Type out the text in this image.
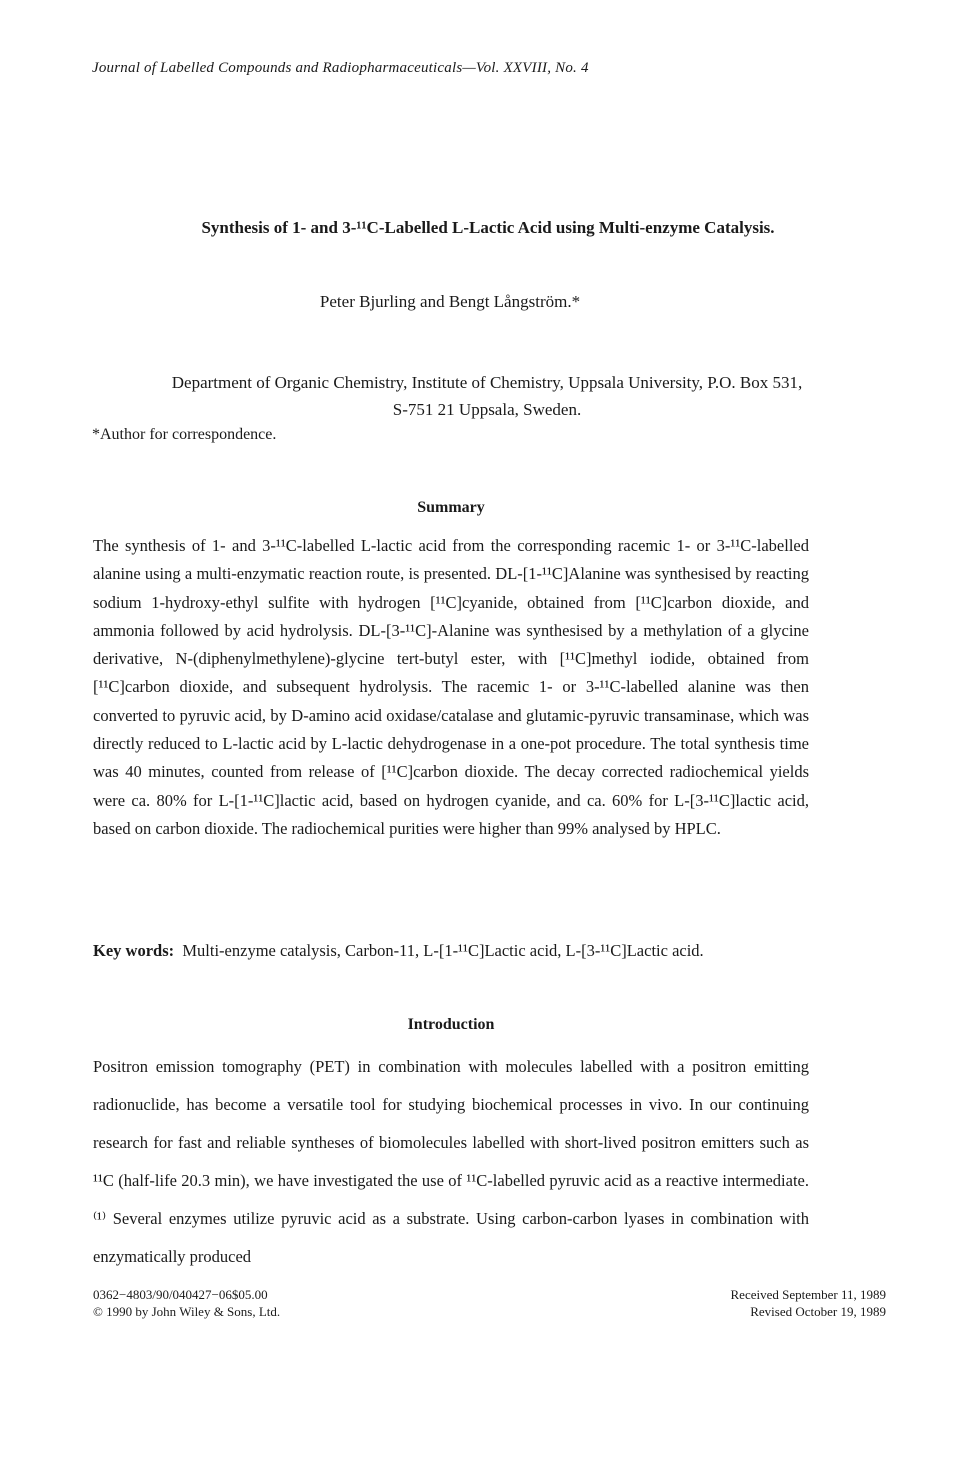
Journal of Labelled Compounds and Radiopharmaceuticals—Vol. XXVIII, No. 4
Synthesis of 1- and 3-¹¹C-Labelled L-Lactic Acid using Multi-enzyme Catalysis.
Peter Bjurling and Bengt Långström.*
Department of Organic Chemistry, Institute of Chemistry, Uppsala University, P.O. Box 531,
S-751 21 Uppsala, Sweden.
*Author for correspondence.
Summary
The synthesis of 1- and 3-¹¹C-labelled L-lactic acid from the corresponding racemic 1- or 3-¹¹C-labelled alanine using a multi-enzymatic reaction route, is presented. DL-[1-¹¹C]Alanine was synthesised by reacting sodium 1-hydroxy-ethyl sulfite with hydrogen [¹¹C]cyanide, obtained from [¹¹C]carbon dioxide, and ammonia followed by acid hydrolysis. DL-[3-¹¹C]-Alanine was synthesised by a methylation of a glycine derivative, N-(diphenylmethylene)-glycine tert-butyl ester, with [¹¹C]methyl iodide, obtained from [¹¹C]carbon dioxide, and subsequent hydrolysis. The racemic 1- or 3-¹¹C-labelled alanine was then converted to pyruvic acid, by D-amino acid oxidase/catalase and glutamic-pyruvic transaminase, which was directly reduced to L-lactic acid by L-lactic dehydrogenase in a one-pot procedure. The total synthesis time was 40 minutes, counted from release of [¹¹C]carbon dioxide. The decay corrected radiochemical yields were ca. 80% for L-[1-¹¹C]lactic acid, based on hydrogen cyanide, and ca. 60% for L-[3-¹¹C]lactic acid, based on carbon dioxide. The radiochemical purities were higher than 99% analysed by HPLC.
Key words: Multi-enzyme catalysis, Carbon-11, L-[1-¹¹C]Lactic acid, L-[3-¹¹C]Lactic acid.
Introduction
Positron emission tomography (PET) in combination with molecules labelled with a positron emitting radionuclide, has become a versatile tool for studying biochemical processes in vivo. In our continuing research for fast and reliable syntheses of biomolecules labelled with short-lived positron emitters such as ¹¹C (half-life 20.3 min), we have investigated the use of ¹¹C-labelled pyruvic acid as a reactive intermediate.⁽¹⁾ Several enzymes utilize pyruvic acid as a substrate. Using carbon-carbon lyases in combination with enzymatically produced
0362−4803/90/040427−06$05.00
© 1990 by John Wiley & Sons, Ltd.
Received September 11, 1989
Revised October 19, 1989
